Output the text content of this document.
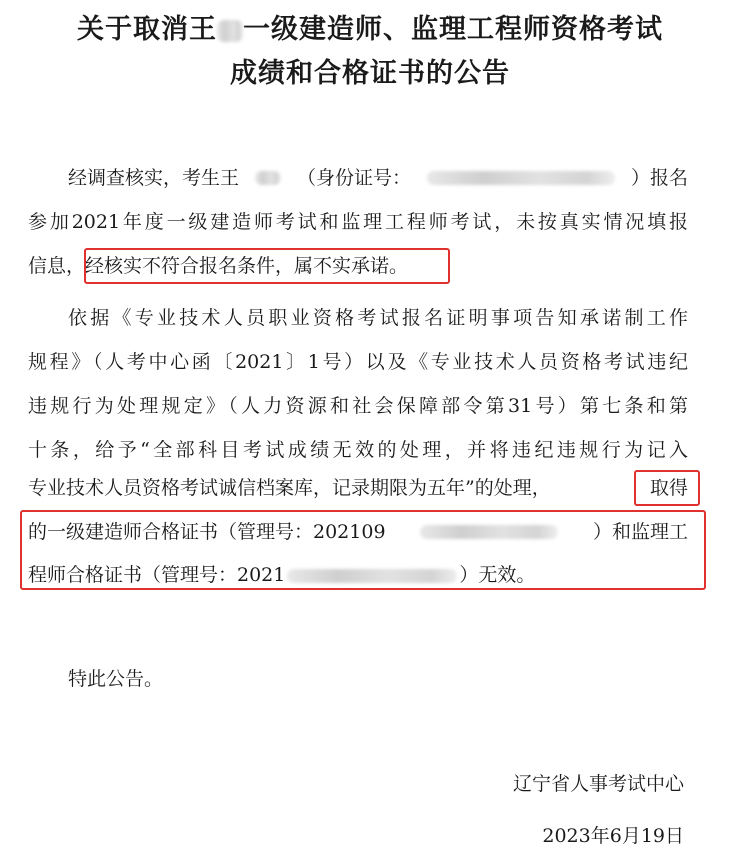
关于取消王 一级建造师、监理工程师资格考试
成绩和合格证书的公告
经调查核实，考生王	（身份证号：	）报名
参加2021年度一级建造师考试和监理工程师考试，未按真实情况填报
信息，经核实不符合报名条件，属不实承诺。
依据《专业技术人员职业资格考试报名证明事项告知承诺制工作
规程》（人考中心函〔2021〕1号）以及《专业技术人员资格考试违纪
违规行为处理规定》（人力资源和社会保障部令第31号）第七条和第
十条，给予“全部科目考试成绩无效的处理，并将违纪违规行为记入
专业技术人员资格考试诚信档案库，记录期限为五年”的处理，	取得
的一级建造师合格证书（管理号：202109	）和监理工
程师合格证书（管理号：2021	）无效。
特此公告。
辽宁省人事考试中心
2023年6月19日
